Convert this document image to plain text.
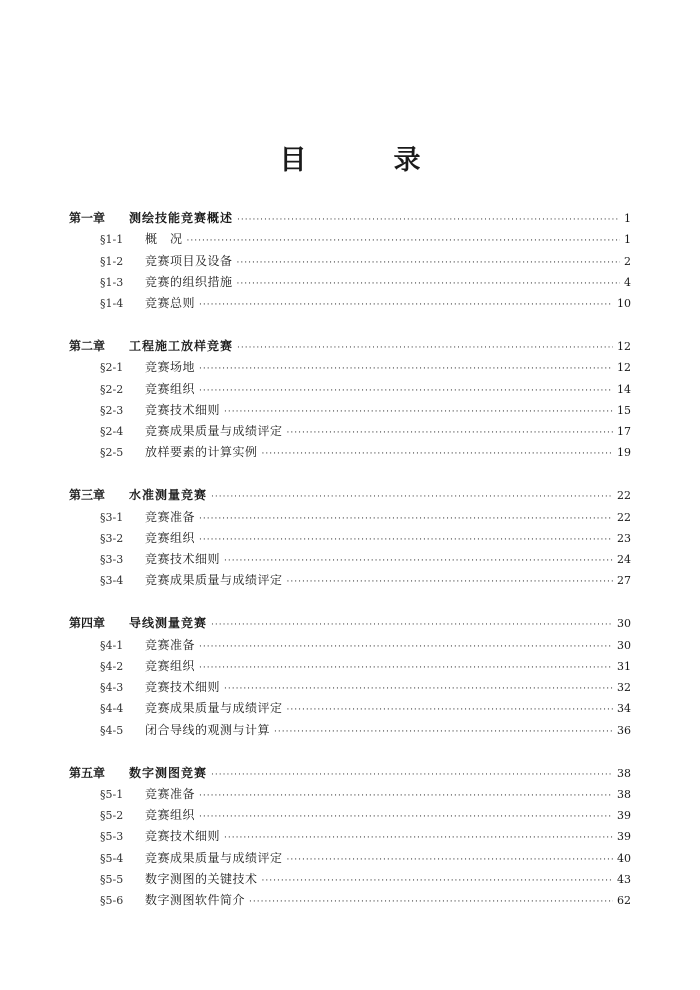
目　录
第一章	测绘技能竞赛概述 ·····	1
§1-1	概　况 ·····	1
§1-2	竞赛项目及设备 ·····	2
§1-3	竞赛的组织措施 ·····	4
§1-4	竞赛总则 ·····	10
第二章	工程施工放样竞赛 ·····	12
§2-1	竞赛场地 ·····	12
§2-2	竞赛组织 ·····	14
§2-3	竞赛技术细则 ·····	15
§2-4	竞赛成果质量与成绩评定 ·····	17
§2-5	放样要素的计算实例 ·····	19
第三章	水准测量竞赛 ·····	22
§3-1	竞赛准备 ·····	22
§3-2	竞赛组织 ·····	23
§3-3	竞赛技术细则 ·····	24
§3-4	竞赛成果质量与成绩评定 ·····	27
第四章	导线测量竞赛 ·····	30
§4-1	竞赛准备 ·····	30
§4-2	竞赛组织 ·····	31
§4-3	竞赛技术细则 ·····	32
§4-4	竞赛成果质量与成绩评定 ·····	34
§4-5	闭合导线的观测与计算 ·····	36
第五章	数字测图竞赛 ·····	38
§5-1	竞赛准备 ·····	38
§5-2	竞赛组织 ·····	39
§5-3	竞赛技术细则 ·····	39
§5-4	竞赛成果质量与成绩评定 ·····	40
§5-5	数字测图的关键技术 ·····	43
§5-6	数字测图软件简介 ·····	62
